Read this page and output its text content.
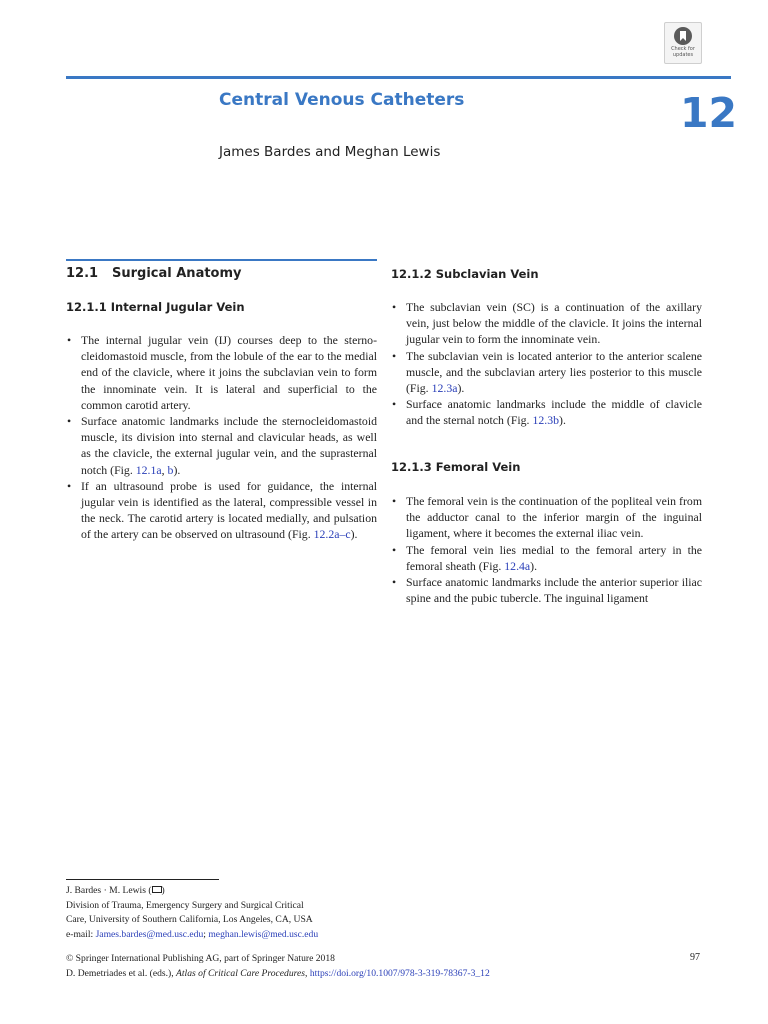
Check for
updates
Central Venous Catheters	12
James Bardes and Meghan Lewis
12.1 Surgical Anatomy
12.1.1 Internal Jugular Vein
• The internal jugular vein (IJ) courses deep to the sternocleidomastoid muscle, from the lobule of the ear to the medial end of the clavicle, where it joins the subclavian vein to form the innominate vein. It is lateral and superficial to the common carotid artery.
• Surface anatomic landmarks include the sternocleidomastoid muscle, its division into sternal and clavicular heads, as well as the clavicle, the external jugular vein, and the suprasternal notch (Fig. 12.1a, b).
• If an ultrasound probe is used for guidance, the internal jugular vein is identified as the lateral, compressible vessel in the neck. The carotid artery is located medially, and pulsation of the artery can be observed on ultrasound (Fig. 12.2a–c).
12.1.2 Subclavian Vein
• The subclavian vein (SC) is a continuation of the axillary vein, just below the middle of the clavicle. It joins the internal jugular vein to form the innominate vein.
• The subclavian vein is located anterior to the anterior scalene muscle, and the subclavian artery lies posterior to this muscle (Fig. 12.3a).
• Surface anatomic landmarks include the middle of clavicle and the sternal notch (Fig. 12.3b).
12.1.3 Femoral Vein
• The femoral vein is the continuation of the popliteal vein from the adductor canal to the inferior margin of the inguinal ligament, where it becomes the external iliac vein.
• The femoral vein lies medial to the femoral artery in the femoral sheath (Fig. 12.4a).
• Surface anatomic landmarks include the anterior superior iliac spine and the pubic tubercle. The inguinal ligament
J. Bardes · M. Lewis ( )
Division of Trauma, Emergency Surgery and Surgical Critical
Care, University of Southern California, Los Angeles, CA, USA
e-mail: James.bardes@med.usc.edu; meghan.lewis@med.usc.edu
© Springer International Publishing AG, part of Springer Nature 2018
D. Demetriades et al. (eds.), Atlas of Critical Care Procedures, https://doi.org/10.1007/978-3-319-78367-3_12
97
